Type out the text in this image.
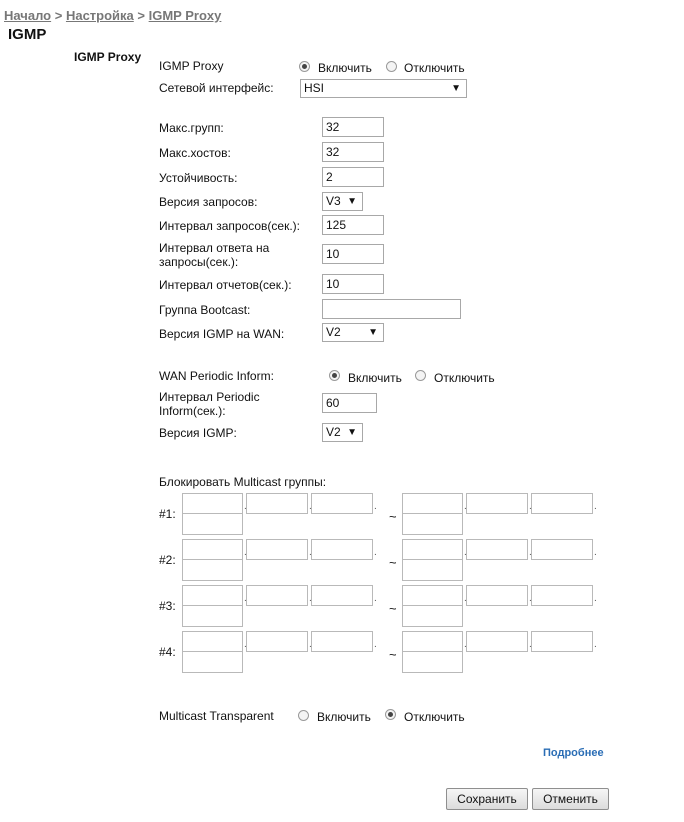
Начало > Настройка > IGMP Proxy
IGMP
IGMP Proxy
IGMP Proxy	Включить	Отключить
Сетевой интерфейс:	HSI	▼
Макс.групп:
32
Макс.хостов:
32
Устойчивость:
2
Версия запросов:	V3 ▼
Интервал запросов(сек.):
125
Интервал ответа на
запросы(сек.):
10
Интервал отчетов(сек.):
10
Группа Bootcast:
Версия IGMP на WAN:	V2	▼
WAN Periodic Inform:	Включить	Отключить
Интервал Periodic
Inform(сек.):
60
Версия IGMP:	V2 ▼
Блокировать Multicast группы:
#1:
.	.	.
~
.	.	.
#2:
.	.	.
~
.	.	.
#3:
.	.	.
~
.	.	.
#4:
.	.	.
~
.	.	.
Multicast Transparent	Включить	Отключить
Подробнее
Сохранить	Отменить
